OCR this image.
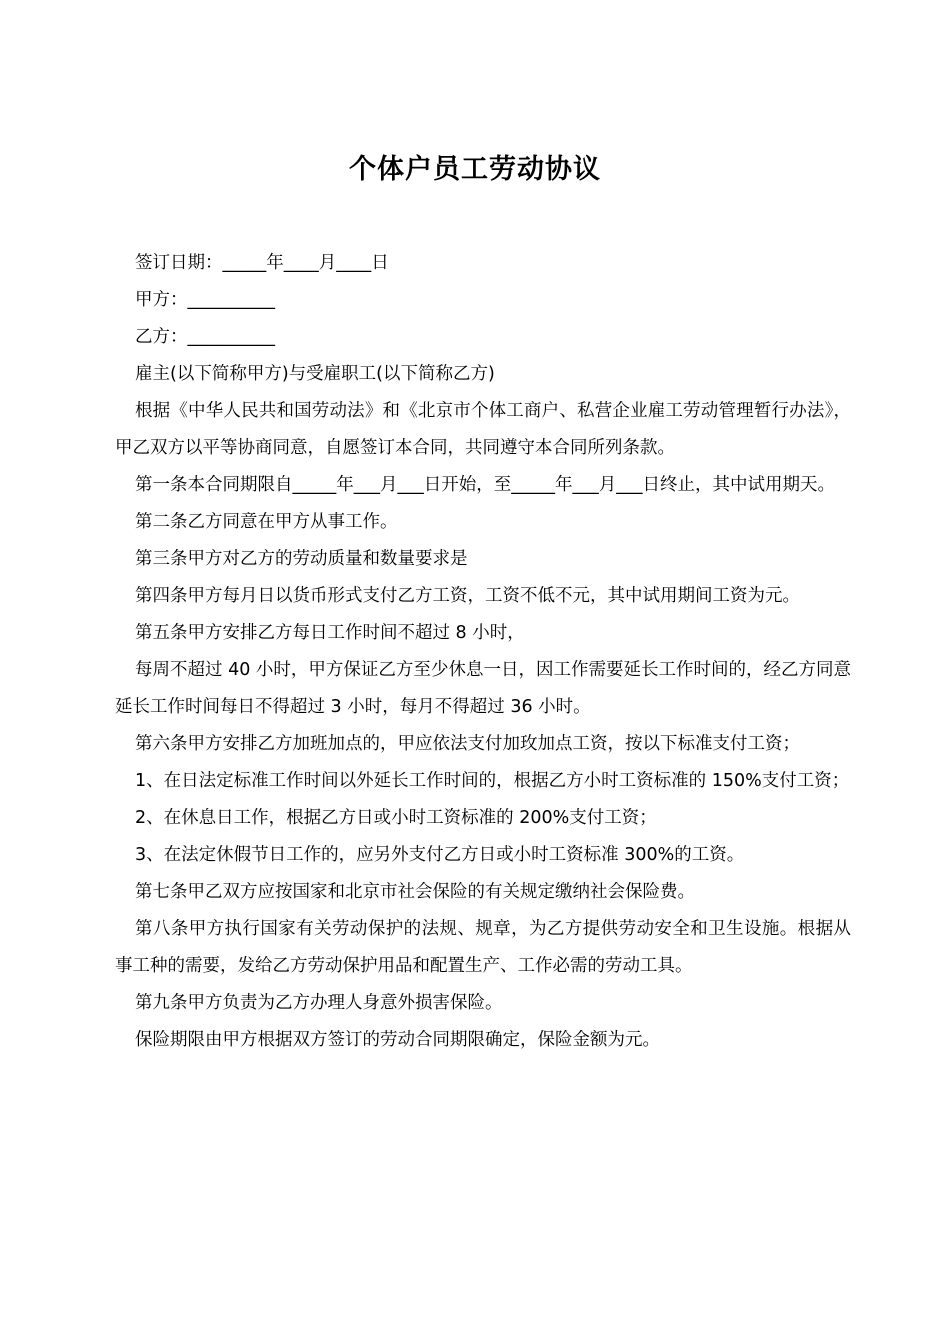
个体户员工劳动协议

签订日期：_____年____月____日

甲方：__________

乙方：__________

雇主(以下简称甲方)与受雇职工(以下简称乙方)

根据《中华人民共和国劳动法》和《北京市个体工商户、私营企业雇工劳动管理暂行办法》，甲乙双方以平等协商同意，自愿签订本合同，共同遵守本合同所列条款。

第一条本合同期限自_____年___月___日开始，至_____年___月___日终止，其中试用期天。

第二条乙方同意在甲方从事工作。

第三条甲方对乙方的劳动质量和数量要求是

第四条甲方每月日以货币形式支付乙方工资，工资不低不元，其中试用期间工资为元。

第五条甲方安排乙方每日工作时间不超过 8 小时，

每周不超过 40 小时，甲方保证乙方至少休息一日，因工作需要延长工作时间的，经乙方同意延长工作时间每日不得超过 3 小时，每月不得超过 36 小时。

第六条甲方安排乙方加班加点的，甲应依法支付加玫加点工资，按以下标准支付工资；

1、在日法定标准工作时间以外延长工作时间的，根据乙方小时工资标准的 150%支付工资；

2、在休息日工作，根据乙方日或小时工资标准的 200%支付工资；

3、在法定休假节日工作的，应另外支付乙方日或小时工资标准 300%的工资。

第七条甲乙双方应按国家和北京市社会保险的有关规定缴纳社会保险费。

第八条甲方执行国家有关劳动保护的法规、规章，为乙方提供劳动安全和卫生设施。根据从事工种的需要，发给乙方劳动保护用品和配置生产、工作必需的劳动工具。

第九条甲方负责为乙方办理人身意外损害保险。

保险期限由甲方根据双方签订的劳动合同期限确定，保险金额为元。
